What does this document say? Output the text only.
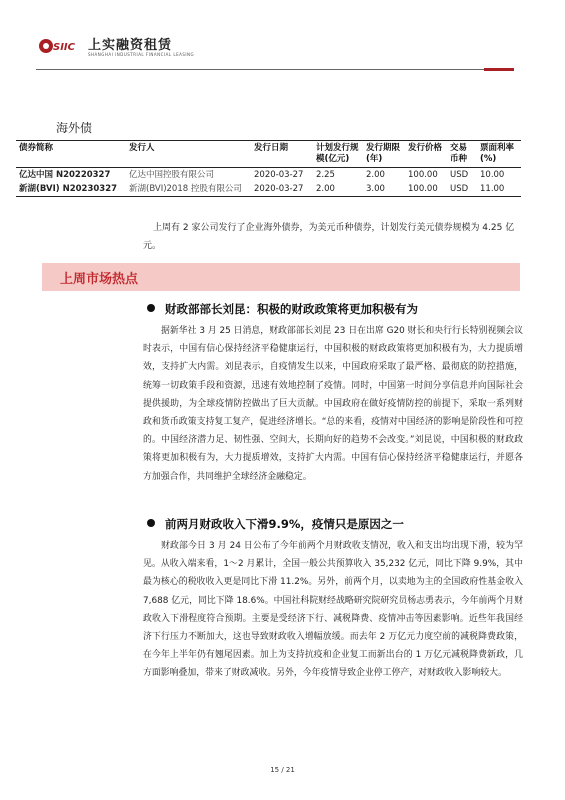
SIIC 上实融资租赁
SHANGHAI INDUSTRIAL FINANCIAL LEASING
海外债
债券简称	发行人	发行日期	计划发行规模(亿元)	发行期限(年)	发行价格	交易币种	票面利率(%)
亿达中国 N20220327	亿达中国控股有限公司	2020-03-27	2.25	2.00	100.00	USD	10.00
新湖(BVI) N20230327	新湖(BVI)2018 控股有限公司	2020-03-27	2.00	3.00	100.00	USD	11.00
上周有 2 家公司发行了企业海外债券，为美元币种债券，计划发行美元债券规模为 4.25 亿元。
上周市场热点
财政部部长刘昆：积极的财政政策将更加积极有为

据新华社 3 月 25 日消息，财政部部长刘昆 23 日在出席 G20 财长和央行行长特别视频会议时表示，中国有信心保持经济平稳健康运行，中国积极的财政政策将更加积极有为，大力提质增效，支持扩大内需。刘昆表示，自疫情发生以来，中国政府采取了最严格、最彻底的防控措施，统筹一切政策手段和资源，迅速有效地控制了疫情。同时，中国第一时间分享信息并向国际社会提供援助，为全球疫情防控做出了巨大贡献。中国政府在做好疫情防控的前提下，采取一系列财政和货币政策支持复工复产，促进经济增长。“总的来看，疫情对中国经济的影响是阶段性和可控的。中国经济潜力足、韧性强、空间大，长期向好的趋势不会改变。”刘昆说，中国积极的财政政策将更加积极有为，大力提质增效，支持扩大内需。中国有信心保持经济平稳健康运行，并愿各方加强合作，共同维护全球经济金融稳定。

前两月财政收入下滑9.9%，疫情只是原因之一

财政部今日 3 月 24 日公布了今年前两个月财政收支情况，收入和支出均出现下滑，较为罕见。从收入端来看，1～2 月累计，全国一般公共预算收入 35,232 亿元，同比下降 9.9%，其中最为核心的税收收入更是同比下滑 11.2%。另外，前两个月，以卖地为主的全国政府性基金收入 7,688 亿元，同比下降 18.6%。中国社科院财经战略研究院研究员杨志勇表示，今年前两个月财政收入下滑程度符合预期。主要是受经济下行、减税降费、疫情冲击等因素影响。近些年我国经济下行压力不断加大，这也导致财政收入增幅放缓。而去年 2 万亿元力度空前的减税降费政策，在今年上半年仍有翘尾因素。加上为支持抗疫和企业复工而新出台的 1 万亿元减税降费新政，几方面影响叠加，带来了财政减收。另外，今年疫情导致企业停工停产，对财政收入影响较大。

15 / 21
